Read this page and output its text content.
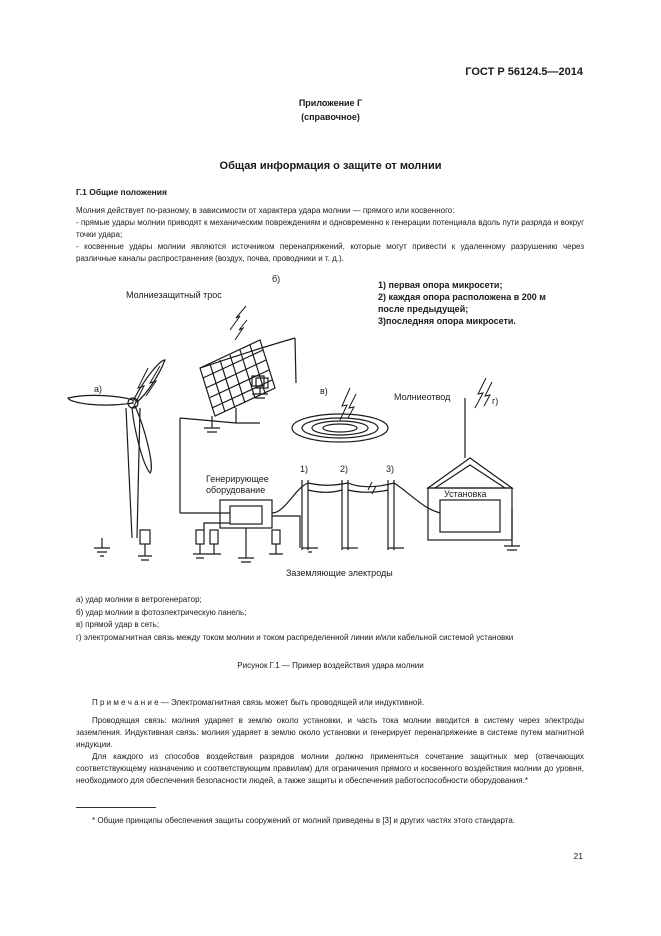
ГОСТ Р 56124.5—2014
Приложение Г
(справочное)
Общая информация о защите от молнии
Г.1 Общие положения
Молния действует по-разному, в зависимости от характера удара молнии — прямого или косвенного:
- прямые удары молнии приводят к механическим повреждениям и одновременно к генерации потенциала вдоль пути разряда и вокруг точки удара;
- косвенные удары молнии являются источником перенапряжений, которые могут привести к удаленному разрушению через различные каналы распространения (воздух, почва, проводники и т. д.).
а)
б)
в)
г)
1)	2)	3)
Молниезащитный трос
Молниеотвод
Генерирующее
оборудование	Установка
Заземляющие электроды
1) первая опора микросети;
2) каждая опора расположена в 200 м
после предыдущей;
3)последняя опора микросети.
а) удар молнии в ветрогенератор;
б) удар молнии в фотоэлектрическую панель;
в) прямой удар в сеть;
г) электромагнитная связь между током молнии и током распределенной линии и/или кабельной системой установки
Рисунок Г.1 — Пример воздействия удара молнии
П р и м е ч а н и е — Электромагнитная связь может быть проводящей или индуктивной.
Проводящая связь: молния ударяет в землю около установки, и часть тока молнии вводится в систему через электроды заземления. Индуктивная связь: молния ударяет в землю около установки и генерирует перенапряжение в системе путем магнитной индукции.
Для каждого из способов воздействия разрядов молнии должно применяться сочетание защитных мер (отвечающих соответствующему назначению и соответствующим правилам) для ограничения прямого и косвенного воздействия молнии до уровня, необходимого для обеспечения безопасности людей, а также защиты и обеспечения работоспособности оборудования.*
* Общие принципы обеспечения защиты сооружений от молний приведены в [3] и других частях этого стандарта.
21
